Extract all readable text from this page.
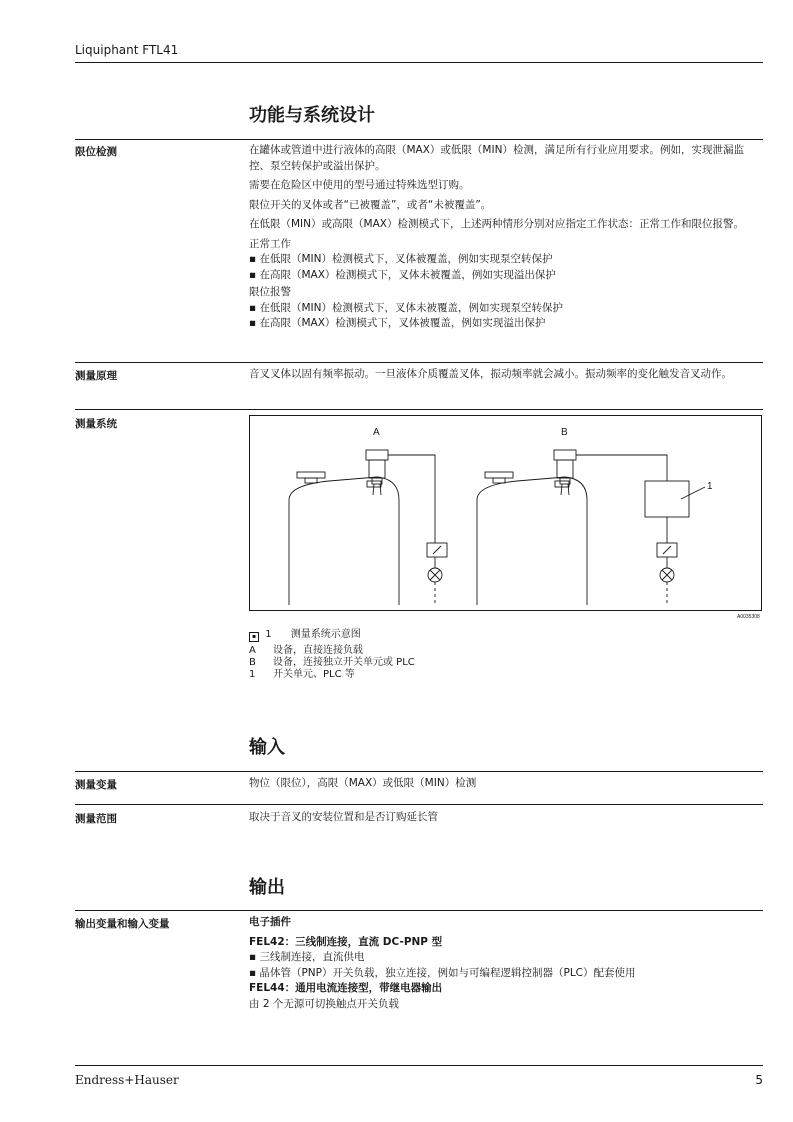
Liquiphant FTL41
功能与系统设计
限位检测	在罐体或管道中进行液体的高限（MAX）或低限（MIN）检测，满足所有行业应用要求。例如，实现泄漏监控、泵空转保护或溢出保护。

需要在危险区中使用的型号通过特殊选型订购。

限位开关的叉体或者“已被覆盖”，或者“未被覆盖”。

在低限（MIN）或高限（MAX）检测模式下，上述两种情形分别对应指定工作状态：正常工作和限位报警。

正常工作

▪ 在低限（MIN）检测模式下，叉体被覆盖，例如实现泵空转保护

▪ 在高限（MAX）检测模式下，叉体未被覆盖，例如实现溢出保护

限位报警

▪ 在低限（MIN）检测模式下，叉体未被覆盖，例如实现泵空转保护

▪ 在高限（MAX）检测模式下，叉体被覆盖，例如实现溢出保护

测量原理	音叉叉体以固有频率振动。一旦液体介质覆盖叉体，振动频率就会减小。振动频率的变化触发音叉动作。
测量系统
A	B
1
A0035308
▪ 1 测量系统示意图
A 设备，直接连接负载
B 设备，连接独立开关单元或 PLC
1 开关单元、PLC 等
输入
测量变量	物位（限位），高限（MAX）或低限（MIN）检测
测量范围	取决于音叉的安装位置和是否订购延长管
输出
输出变量和输入变量	电子插件

FEL42：三线制连接，直流 DC-PNP 型

▪ 三线制连接，直流供电

▪ 晶体管（PNP）开关负载，独立连接，例如与可编程逻辑控制器（PLC）配套使用

FEL44：通用电流连接型，带继电器输出

由 2 个无源可切换触点开关负载

Endress+Hauser	5
